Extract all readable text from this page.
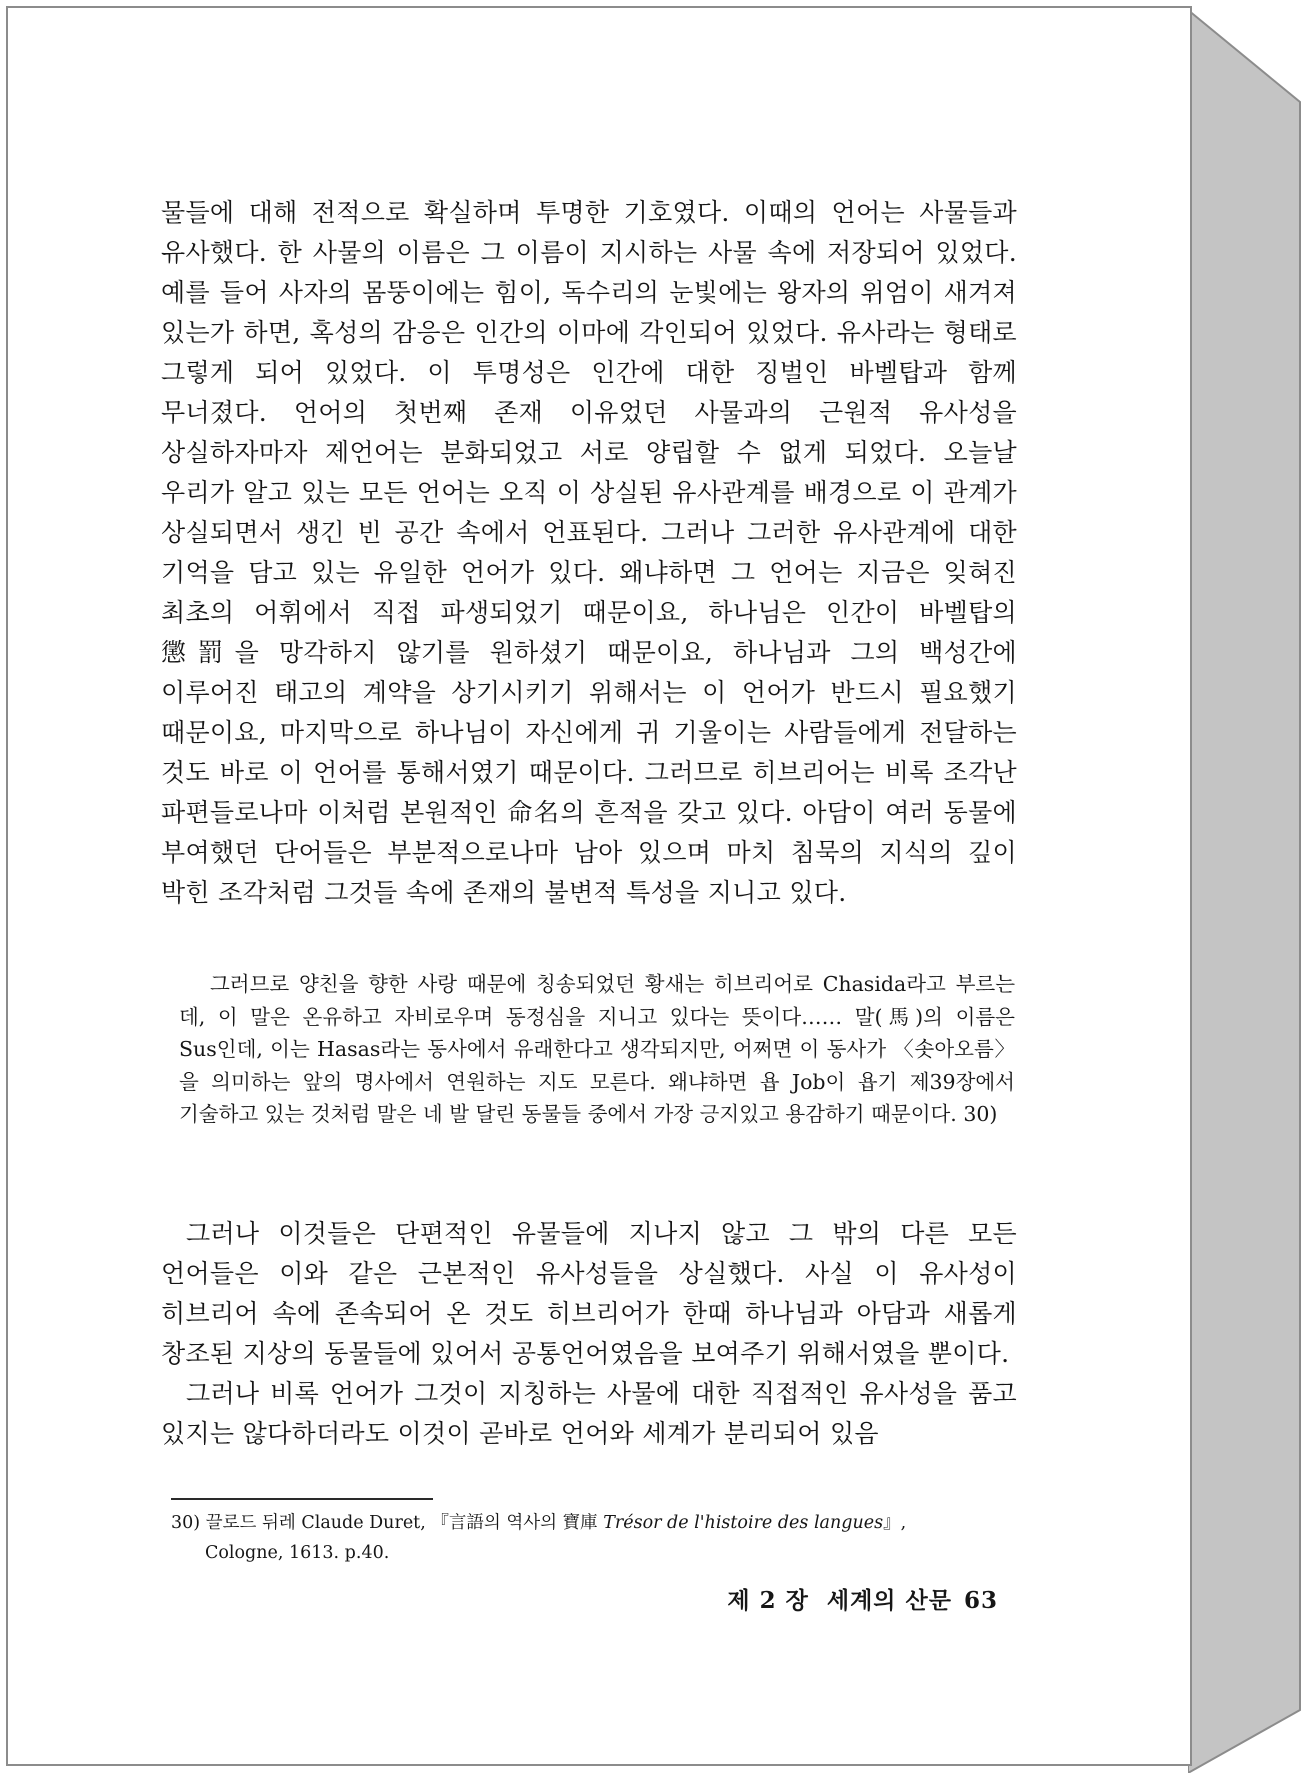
물들에 대해 전적으로 확실하며 투명한 기호였다. 이때의 언어는 사물들과 유사했다. 한 사물의 이름은 그 이름이 지시하는 사물 속에 저장되어 있었다. 예를 들어 사자의 몸뚱이에는 힘이, 독수리의 눈빛에는 왕자의 위엄이 새겨져 있는가 하면, 혹성의 감응은 인간의 이마에 각인되어 있었다. 유사라는 형태로 그렇게 되어 있었다. 이 투명성은 인간에 대한 징벌인 바벨탑과 함께 무너졌다. 언어의 첫번째 존재 이유었던 사물과의 근원적 유사성을 상실하자마자 제언어는 분화되었고 서로 양립할 수 없게 되었다. 오늘날 우리가 알고 있는 모든 언어는 오직 이 상실된 유사관계를 배경으로 이 관계가 상실되면서 생긴 빈 공간 속에서 언표된다. 그러나 그러한 유사관계에 대한 기억을 담고 있는 유일한 언어가 있다. 왜냐하면 그 언어는 지금은 잊혀진 최초의 어휘에서 직접 파생되었기 때문이요, 하나님은 인간이 바벨탑의 懲罰을 망각하지 않기를 원하셨기 때문이요, 하나님과 그의 백성간에 이루어진 태고의 계약을 상기시키기 위해서는 이 언어가 반드시 필요했기 때문이요, 마지막으로 하나님이 자신에게 귀 기울이는 사람들에게 전달하는 것도 바로 이 언어를 통해서였기 때문이다. 그러므로 히브리어는 비록 조각난 파편들로나마 이처럼 본원적인 命名의 흔적을 갖고 있다. 아담이 여러 동물에 부여했던 단어들은 부분적으로나마 남아 있으며 마치 침묵의 지식의 깊이 박힌 조각처럼 그것들 속에 존재의 불변적 특성을 지니고 있다.

그러므로 양친을 향한 사랑 때문에 칭송되었던 황새는 히브리어로 Chasida라고 부르는 데, 이 말은 온유하고 자비로우며 동정심을 지니고 있다는 뜻이다…… 말(馬)의 이름은 Sus인데, 이는 Hasas라는 동사에서 유래한다고 생각되지만, 어쩌면 이 동사가 〈솟아오름〉을 의미하는 앞의 명사에서 연원하는 지도 모른다. 왜냐하면 욥 Job이 욥기 제39장에서 기술하고 있는 것처럼 말은 네 발 달린 동물들 중에서 가장 긍지있고 용감하기 때문이다. 30)

그러나 이것들은 단편적인 유물들에 지나지 않고 그 밖의 다른 모든 언어들은 이와 같은 근본적인 유사성들을 상실했다. 사실 이 유사성이 히브리어 속에 존속되어 온 것도 히브리어가 한때 하나님과 아담과 새롭게 창조된 지상의 동물들에 있어서 공통언어였음을 보여주기 위해서였을 뿐이다.

그러나 비록 언어가 그것이 지칭하는 사물에 대한 직접적인 유사성을 품고 있지는 않다하더라도 이것이 곧바로 언어와 세계가 분리되어 있음

30) 끌로드 뒤레 Claude Duret, 『言語의 역사의 寶庫 Trésor de l'histoire des langues』,
Cologne, 1613. p.40.

제 2 장 세계의 산문 63
